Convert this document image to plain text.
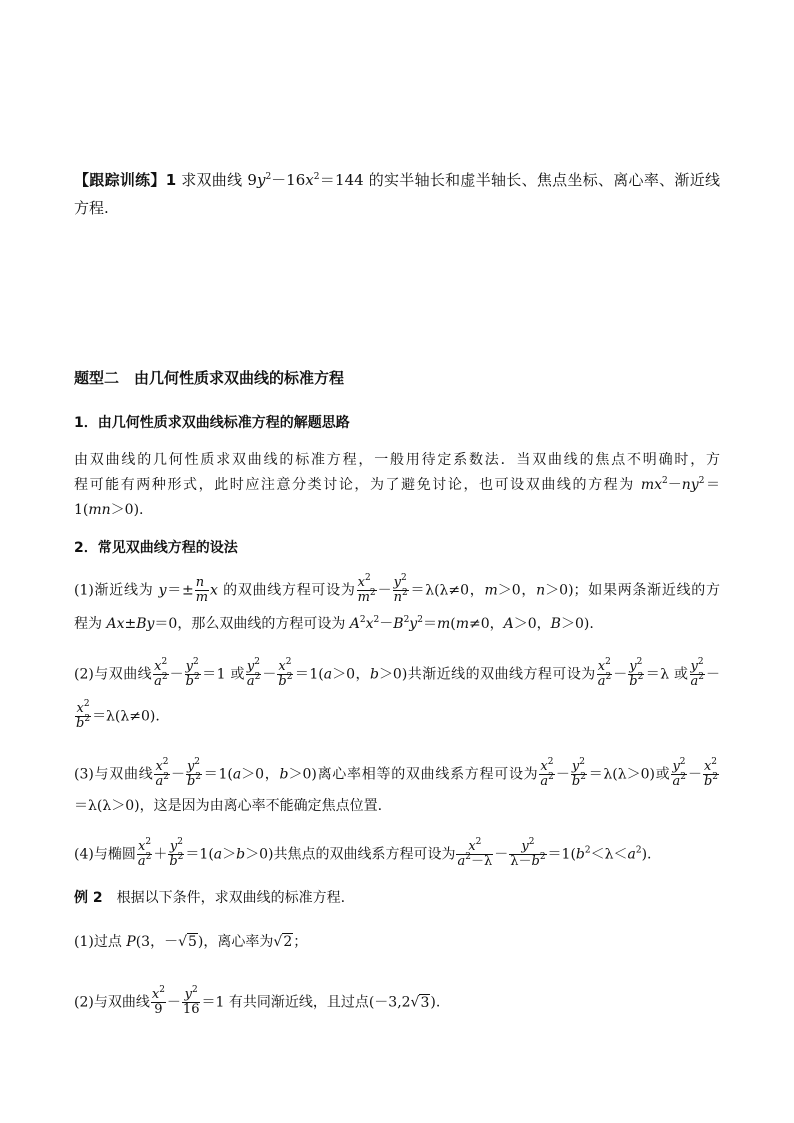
【跟踪训练】1 求双曲线 $9y^2-16x^2=144$ 的实半轴长和虚半轴长、焦点坐标、离心率、渐近线
方程.
题型二　由几何性质求双曲线的标准方程
1．由几何性质求双曲线标准方程的解题思路
由双曲线的几何性质求双曲线的标准方程，一般用待定系数法．当双曲线的焦点不明确时，方
程可能有两种形式，此时应注意分类讨论，为了避免讨论，也可设双曲线的方程为 $mx^2-ny^2=$
1(mn＞0).
2．常见双曲线方程的设法
(1)渐近线为 $y=\pm \frac{n}{m}$ x 的双曲线方程可设为 $\frac{x^2}{m^2} - \frac{y^2}{n^2} =\lambda(\lambda\ne 0$，m＞0，n＞0)；如果两条渐近线的方
程为 Ax±By＝0，那么双曲线的方程可设为 $A^2x^2-B^2y^2=m(m\ne 0$，A＞0，B＞0).
(2)与双曲线 $\frac{x^2}{a^2} - \frac{y^2}{b^2} =1$ 或 $\frac{y^2}{a^2} - \frac{x^2}{b^2} =1(a>0$，b＞0)共渐近线的双曲线方程可设为 $\frac{x^2}{a^2} - \frac{y^2}{b^2} =\lambda$ 或 $\frac{y^2}{a^2}$ －
$\frac{x^2}{b^2} =\lambda(\lambda\ne 0)$.
(3)与双曲线 $\frac{x^2}{a^2} - \frac{y^2}{b^2} =1(a>0$，b＞0)离心率相等的双曲线系方程可设为 $\frac{x^2}{a^2} - \frac{y^2}{b^2} =\lambda(\lambda>0)$或 $\frac{y^2}{a^2} - \frac{x^2}{b^2}$
＝λ(λ＞0)，这是因为由离心率不能确定焦点位置.
(4)与椭圆 $\frac{x^2}{a^2} + \frac{y^2}{b^2} =1(a>b>0)$共焦点的双曲线系方程可设为 $\frac{x^2}{a^2-\lambda} - \frac{y^2}{\lambda-b^2} =1(b^2<\lambda<a^2)$.
例 2　 根据以下条件，求双曲线的标准方程.
(1)过点 P(3，－√5)，离心率为√2；
(2)与双曲线 $\frac{x^2}{9} - \frac{y^2}{16} =1$ 有共同渐近线，且过点(－3,2√3).
